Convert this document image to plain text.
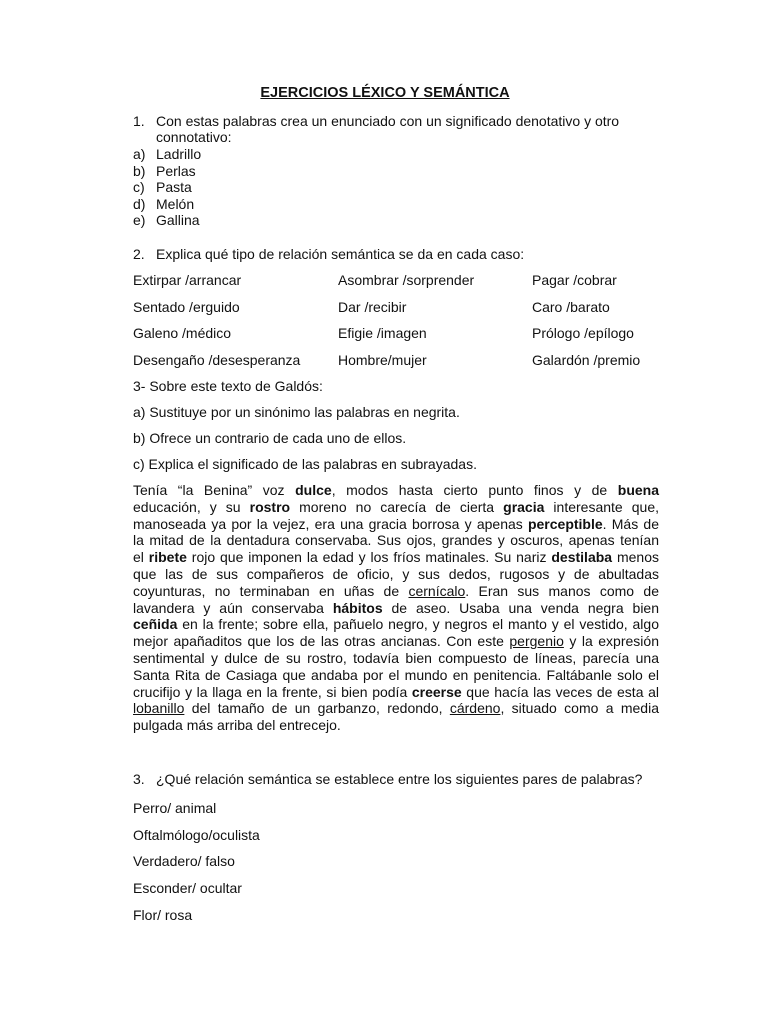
EJERCICIOS LÉXICO Y SEMÁNTICA
1. Con estas palabras crea un enunciado con un significado denotativo y otro connotativo:
a) Ladrillo
b) Perlas
c) Pasta
d) Melón
e) Gallina
2. Explica qué tipo de relación semántica se da en cada caso:
Extirpar /arrancar	Asombrar /sorprender	Pagar /cobrar
Sentado /erguido	Dar /recibir	Caro /barato
Galeno /médico	Efigie /imagen	Prólogo /epílogo
Desengaño /desesperanza	Hombre/mujer	Galardón /premio
3- Sobre este texto de Galdós:
a) Sustituye por un sinónimo las palabras en negrita.
b) Ofrece un contrario de cada uno de ellos.
c) Explica el significado de las palabras en subrayadas.
Tenía “la Benina” voz dulce, modos hasta cierto punto finos y de buena
educación, y su rostro moreno no carecía de cierta gracia interesante que,
manoseada ya por la vejez, era una gracia borrosa y apenas perceptible. Más de
la mitad de la dentadura conservaba. Sus ojos, grandes y oscuros, apenas tenían
el ribete rojo que imponen la edad y los fríos matinales. Su nariz destilaba menos
que las de sus compañeros de oficio, y sus dedos, rugosos y de abultadas
coyunturas, no terminaban en uñas de cernícalo. Eran sus manos como de
lavandera y aún conservaba hábitos de aseo. Usaba una venda negra bien
ceñida en la frente; sobre ella, pañuelo negro, y negros el manto y el vestido, algo
mejor apañaditos que los de las otras ancianas. Con este pergenio y la expresión
sentimental y dulce de su rostro, todavía bien compuesto de líneas, parecía una
Santa Rita de Casiaga que andaba por el mundo en penitencia. Faltábanle solo el
crucifijo y la llaga en la frente, si bien podía creerse que hacía las veces de esta al
lobanillo del tamaño de un garbanzo, redondo, cárdeno, situado como a media
pulgada más arriba del entrecejo.
3. ¿Qué relación semántica se establece entre los siguientes pares de palabras?
Perro/ animal
Oftalmólogo/oculista
Verdadero/ falso
Esconder/ ocultar
Flor/ rosa
